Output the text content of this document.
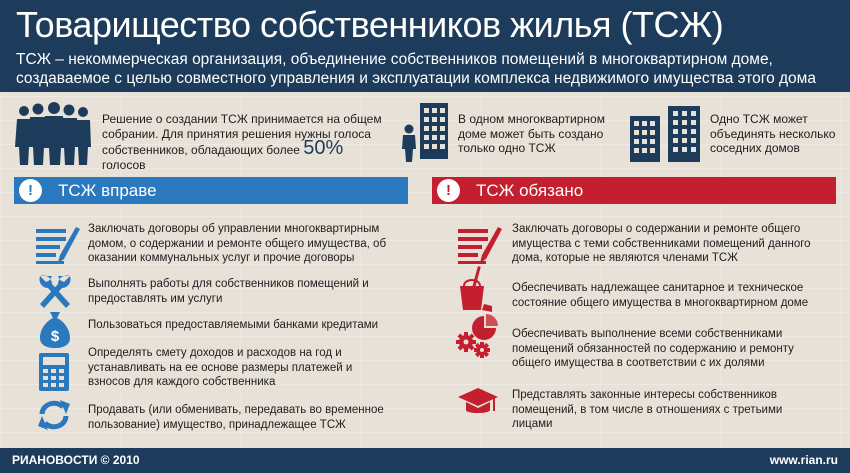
Товарищество собственников жилья (ТСЖ)
ТСЖ – некоммерческая организация, объединение собственников помещений в многоквартирном доме, создаваемое с целью совместного управления и эксплуатации комплекса недвижимого имущества этого дома
Решение о создании ТСЖ принимается на общем собрании. Для принятия решения нужны голоса собственников, обладающих более 50% голосов
В одном многоквартирном доме может быть создано только одно ТСЖ
Одно ТСЖ может объединять несколько соседних домов
!	ТСЖ вправе	!	ТСЖ обязано
Заключать договоры об управлении многоквартирным домом, о содержании и ремонте общего имущества, об оказании коммунальных услуг и прочие договоры
Выполнять работы для собственников помещений и предоставлять им услуги
$
Пользоваться предоставляемыми банками кредитами
Определять смету доходов и расходов на год и устанавливать на ее основе размеры платежей и взносов для каждого собственника
Продавать (или обменивать, передавать во временное пользование) имущество, принадлежащее ТСЖ
Заключать договоры о содержании и ремонте общего имущества с теми собственниками помещений данного дома, которые не являются членами ТСЖ
Обеспечивать надлежащее санитарное и техническое состояние общего имущества в многоквартирном доме
Обеспечивать выполнение всеми собственниками помещений обязанностей по содержанию и ремонту общего имущества в соответствии с их долями
Представлять законные интересы собственников помещений, в том числе в отношениях с третьими лицами
РИАНОВОСТИ © 2010	www.rian.ru
